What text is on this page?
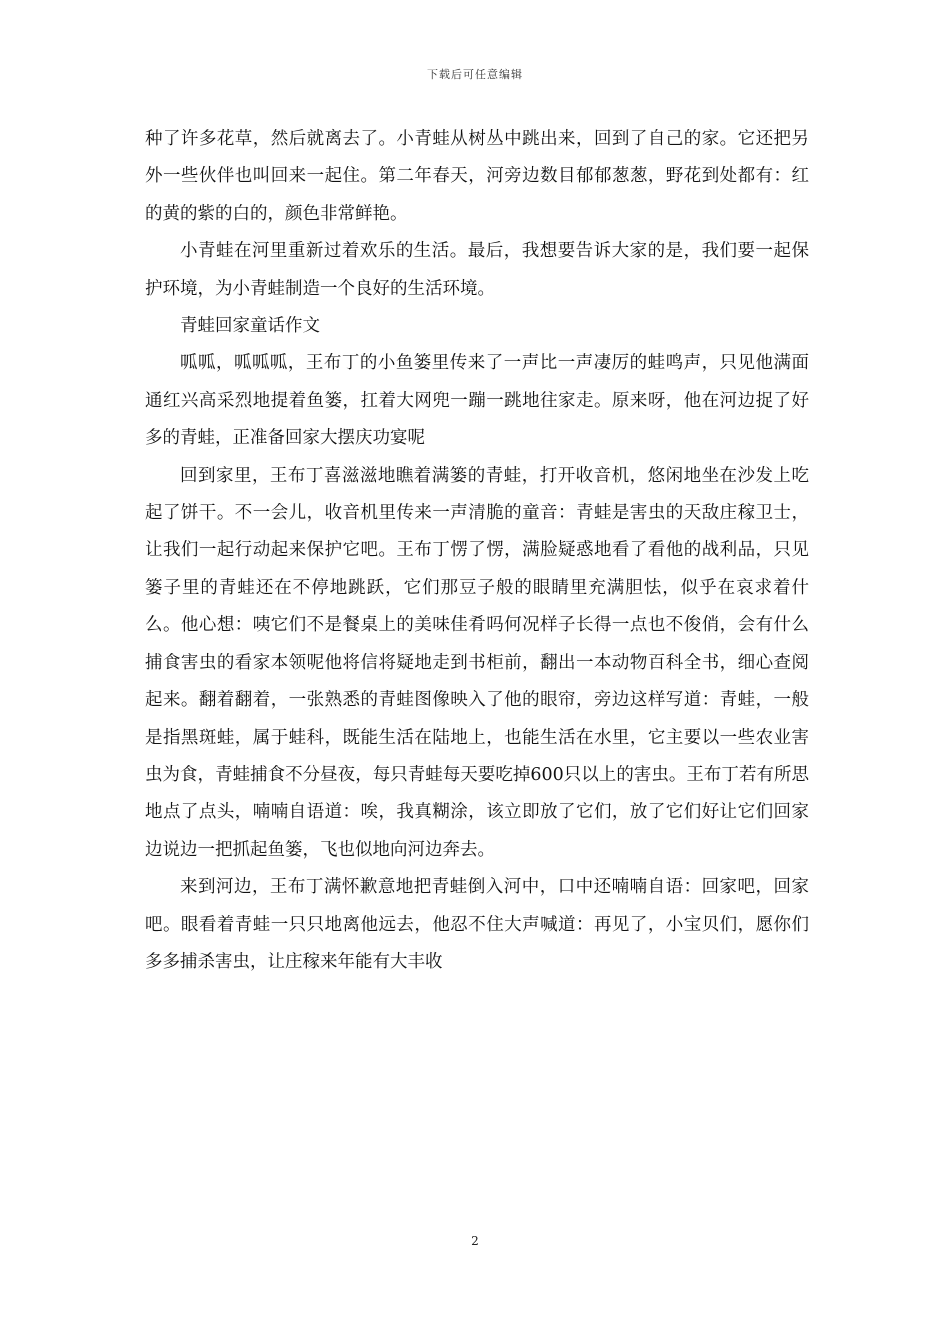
下载后可任意编辑

种了许多花草，然后就离去了。小青蛙从树丛中跳出来，回到了自己的家。它还把另外一些伙伴也叫回来一起住。第二年春天，河旁边数目郁郁葱葱，野花到处都有：红的黄的紫的白的，颜色非常鲜艳。

小青蛙在河里重新过着欢乐的生活。最后，我想要告诉大家的是，我们要一起保护环境，为小青蛙制造一个良好的生活环境。

青蛙回家童话作文

呱呱，呱呱呱，王布丁的小鱼篓里传来了一声比一声凄厉的蛙鸣声，只见他满面通红兴高采烈地提着鱼篓，扛着大网兜一蹦一跳地往家走。原来呀，他在河边捉了好多的青蛙，正准备回家大摆庆功宴呢

回到家里，王布丁喜滋滋地瞧着满篓的青蛙，打开收音机，悠闲地坐在沙发上吃起了饼干。不一会儿，收音机里传来一声清脆的童音：青蛙是害虫的天敌庄稼卫士，让我们一起行动起来保护它吧。王布丁愣了愣，满脸疑惑地看了看他的战利品，只见篓子里的青蛙还在不停地跳跃，它们那豆子般的眼睛里充满胆怯，似乎在哀求着什么。他心想：咦它们不是餐桌上的美味佳肴吗何况样子长得一点也不俊俏，会有什么捕食害虫的看家本领呢他将信将疑地走到书柜前，翻出一本动物百科全书，细心查阅起来。翻着翻着，一张熟悉的青蛙图像映入了他的眼帘，旁边这样写道：青蛙，一般是指黑斑蛙，属于蛙科，既能生活在陆地上，也能生活在水里，它主要以一些农业害虫为食，青蛙捕食不分昼夜，每只青蛙每天要吃掉600只以上的害虫。王布丁若有所思地点了点头，喃喃自语道：唉，我真糊涂，该立即放了它们，放了它们好让它们回家边说边一把抓起鱼篓，飞也似地向河边奔去。

来到河边，王布丁满怀歉意地把青蛙倒入河中，口中还喃喃自语：回家吧，回家吧。眼看着青蛙一只只地离他远去，他忍不住大声喊道：再见了，小宝贝们，愿你们多多捕杀害虫，让庄稼来年能有大丰收

2
